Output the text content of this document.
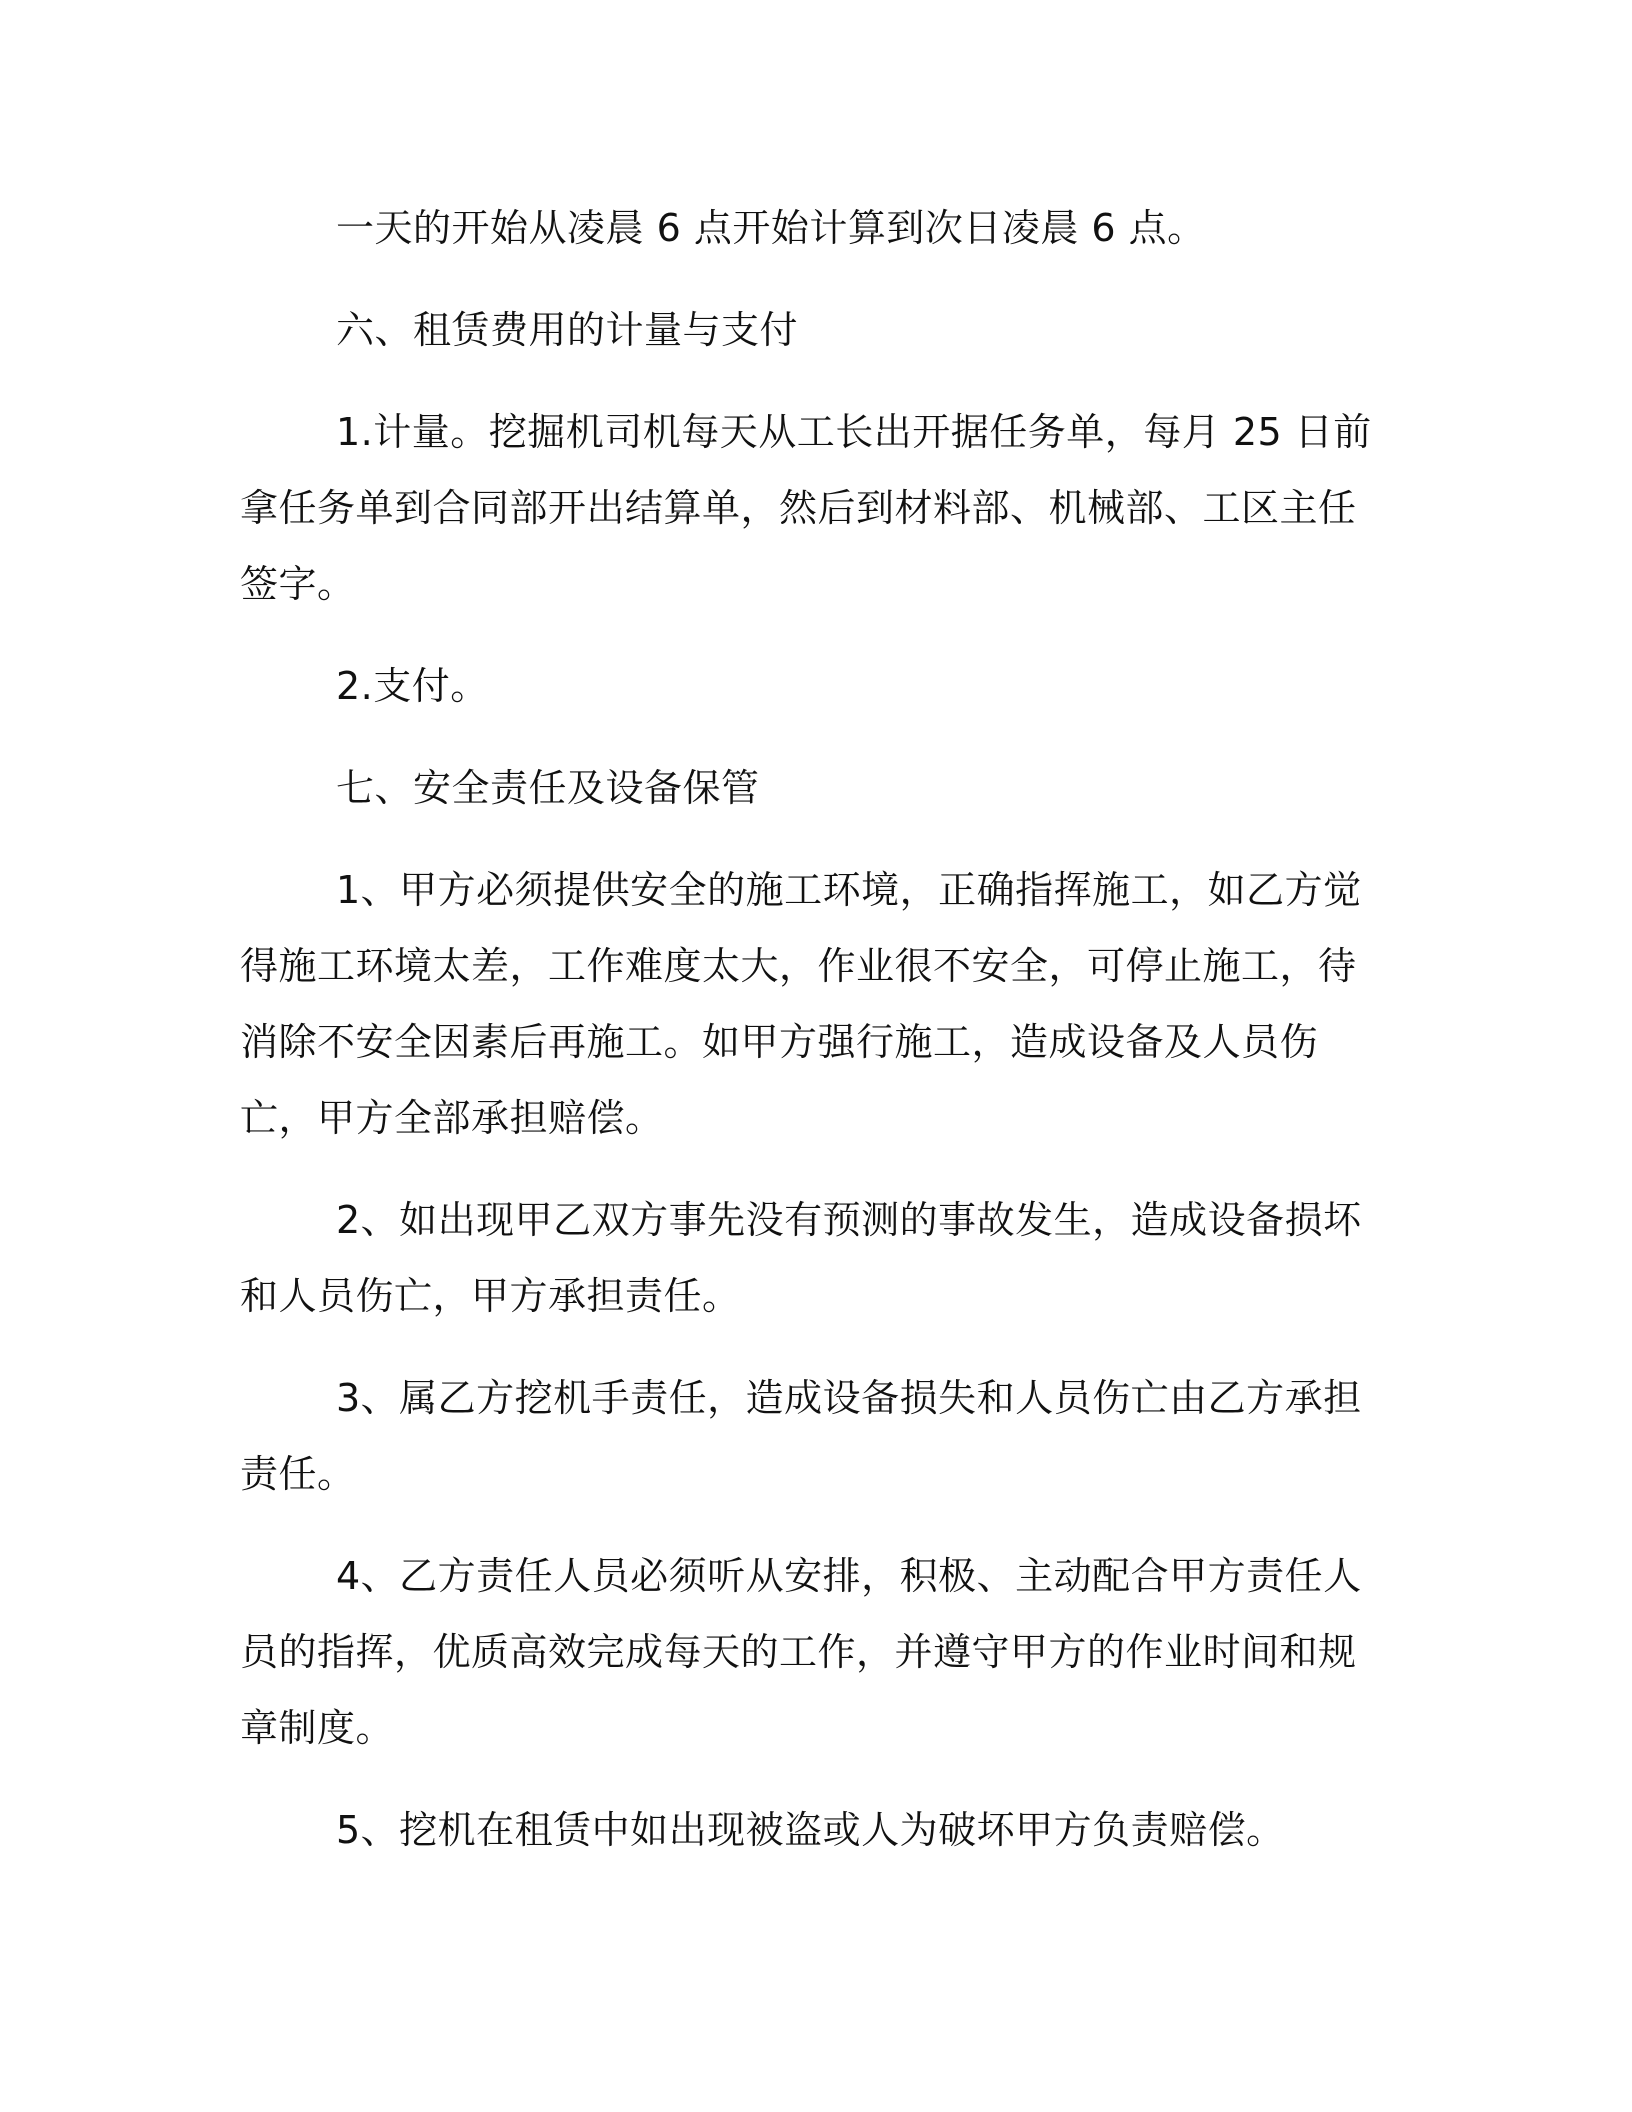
一天的开始从凌晨 6 点开始计算到次日凌晨 6 点。

六、租赁费用的计量与支付

1.计量。挖掘机司机每天从工长出开据任务单，每月 25 日前拿任务单到合同部开出结算单，然后到材料部、机械部、工区主任签字。

2.支付。

七、安全责任及设备保管

1、甲方必须提供安全的施工环境，正确指挥施工，如乙方觉得施工环境太差，工作难度太大，作业很不安全，可停止施工，待消除不安全因素后再施工。如甲方强行施工，造成设备及人员伤亡，甲方全部承担赔偿。

2、如出现甲乙双方事先没有预测的事故发生，造成设备损坏和人员伤亡，甲方承担责任。

3、属乙方挖机手责任，造成设备损失和人员伤亡由乙方承担责任。

4、乙方责任人员必须听从安排，积极、主动配合甲方责任人员的指挥，优质高效完成每天的工作，并遵守甲方的作业时间和规章制度。

5、挖机在租赁中如出现被盗或人为破坏甲方负责赔偿。
